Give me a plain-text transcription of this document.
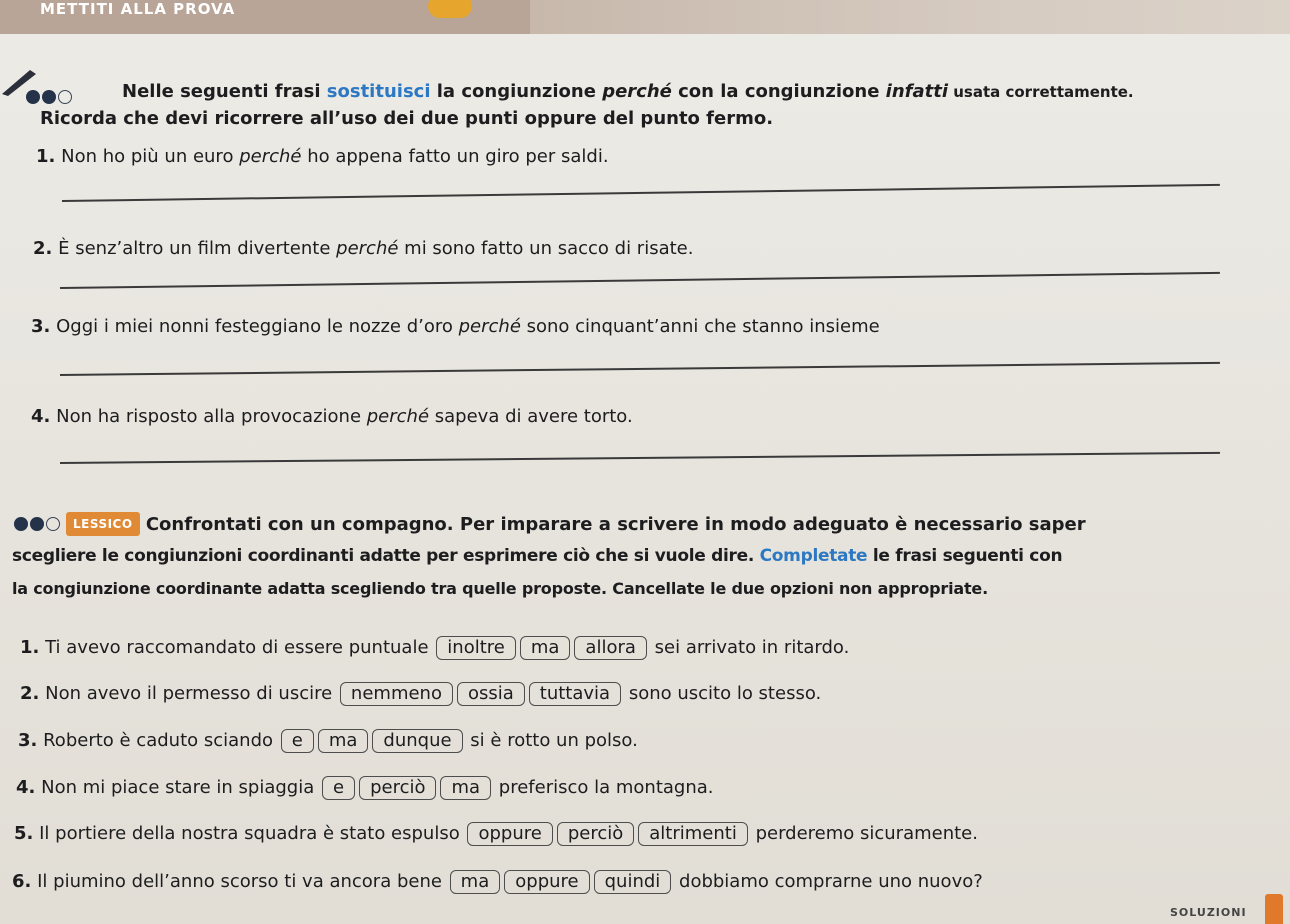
METTITI ALLA PROVA
Nelle seguenti frasi sostituisci la congiunzione perché con la congiunzione infatti usata correttamente.
Ricorda che devi ricorrere all’uso dei due punti oppure del punto fermo.
1. Non ho più un euro perché ho appena fatto un giro per saldi.
2. È senz’altro un film divertente perché mi sono fatto un sacco di risate.
3. Oggi i miei nonni festeggiano le nozze d’oro perché sono cinquant’anni che stanno insieme
4. Non ha risposto alla provocazione perché sapeva di avere torto.
LESSICO Confrontati con un compagno. Per imparare a scrivere in modo adeguato è necessario saper
scegliere le congiunzioni coordinanti adatte per esprimere ciò che si vuole dire. Completate le frasi seguenti con
la congiunzione coordinante adatta scegliendo tra quelle proposte. Cancellate le due opzioni non appropriate.
1. Ti avevo raccomandato di essere puntuale inoltre ma allora sei arrivato in ritardo.
2. Non avevo il permesso di uscire nemmeno ossia tuttavia sono uscito lo stesso.
3. Roberto è caduto sciando e ma dunque si è rotto un polso.
4. Non mi piace stare in spiaggia e perciò ma preferisco la montagna.
5. Il portiere della nostra squadra è stato espulso oppure perciò altrimenti perderemo sicuramente.
6. Il piumino dell’anno scorso ti va ancora bene ma oppure quindi dobbiamo comprarne uno nuovo?
SOLUZIONI
